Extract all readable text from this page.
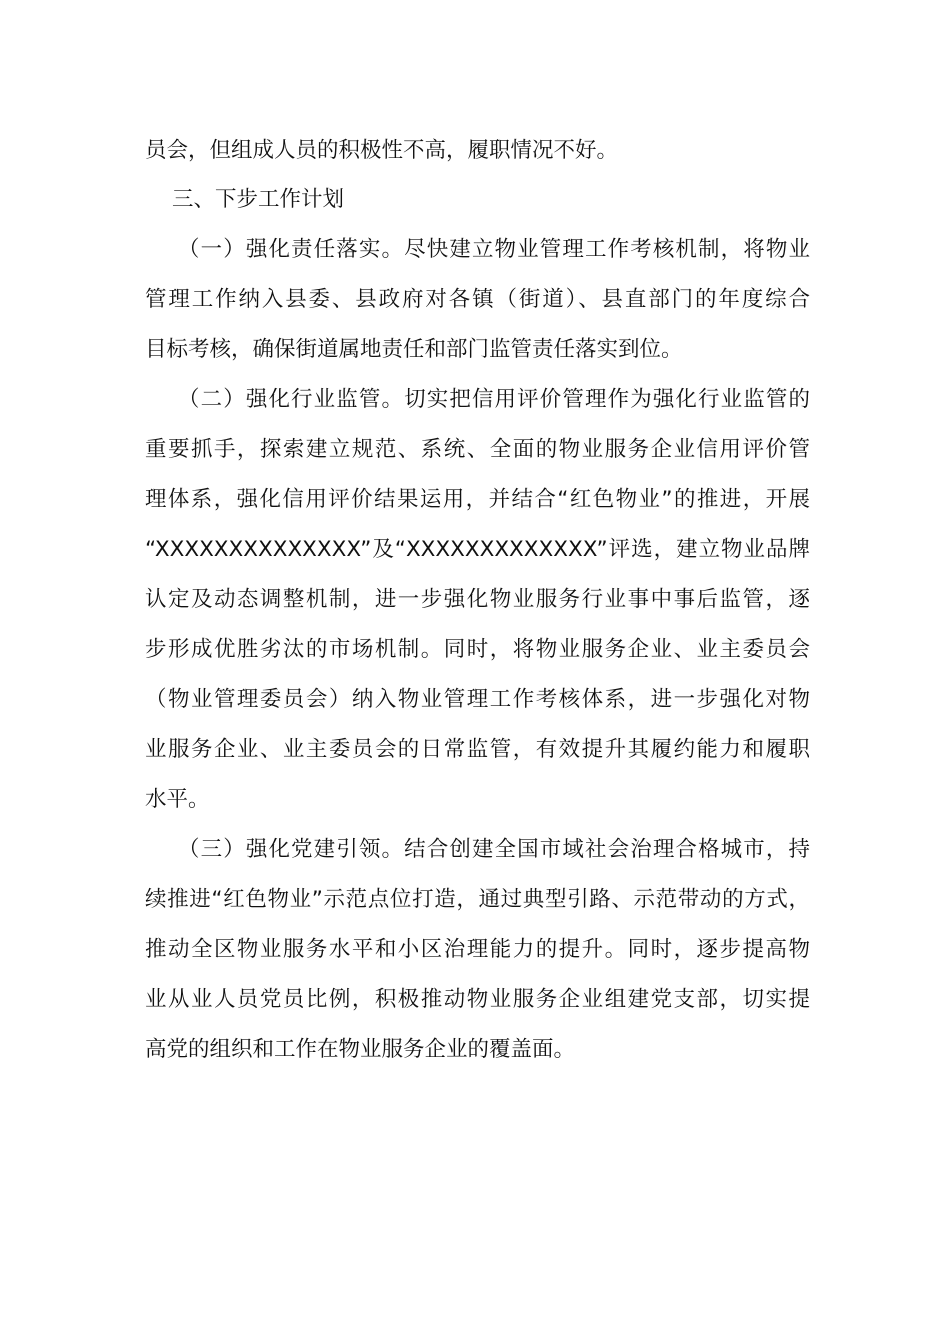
员会，但组成人员的积极性不高，履职情况不好。
三、下步工作计划
（一）强化责任落实。尽快建立物业管理工作考核机制，将物业
管理工作纳入县委、县政府对各镇（街道）、县直部门的年度综合
目标考核，确保街道属地责任和部门监管责任落实到位。
（二）强化行业监管。切实把信用评价管理作为强化行业监管的
重要抓手，探索建立规范、系统、全面的物业服务企业信用评价管
理体系，强化信用评价结果运用，并结合“红色物业”的推进，开展
“XXXXXXXXXXXXXX”及“XXXXXXXXXXXXX”评选，建立物业品牌
认定及动态调整机制，进一步强化物业服务行业事中事后监管，逐
步形成优胜劣汰的市场机制。同时，将物业服务企业、业主委员会
（物业管理委员会）纳入物业管理工作考核体系，进一步强化对物
业服务企业、业主委员会的日常监管，有效提升其履约能力和履职
水平。
（三）强化党建引领。结合创建全国市域社会治理合格城市，持
续推进“红色物业”示范点位打造，通过典型引路、示范带动的方式，
推动全区物业服务水平和小区治理能力的提升。同时，逐步提高物
业从业人员党员比例，积极推动物业服务企业组建党支部，切实提
高党的组织和工作在物业服务企业的覆盖面。
